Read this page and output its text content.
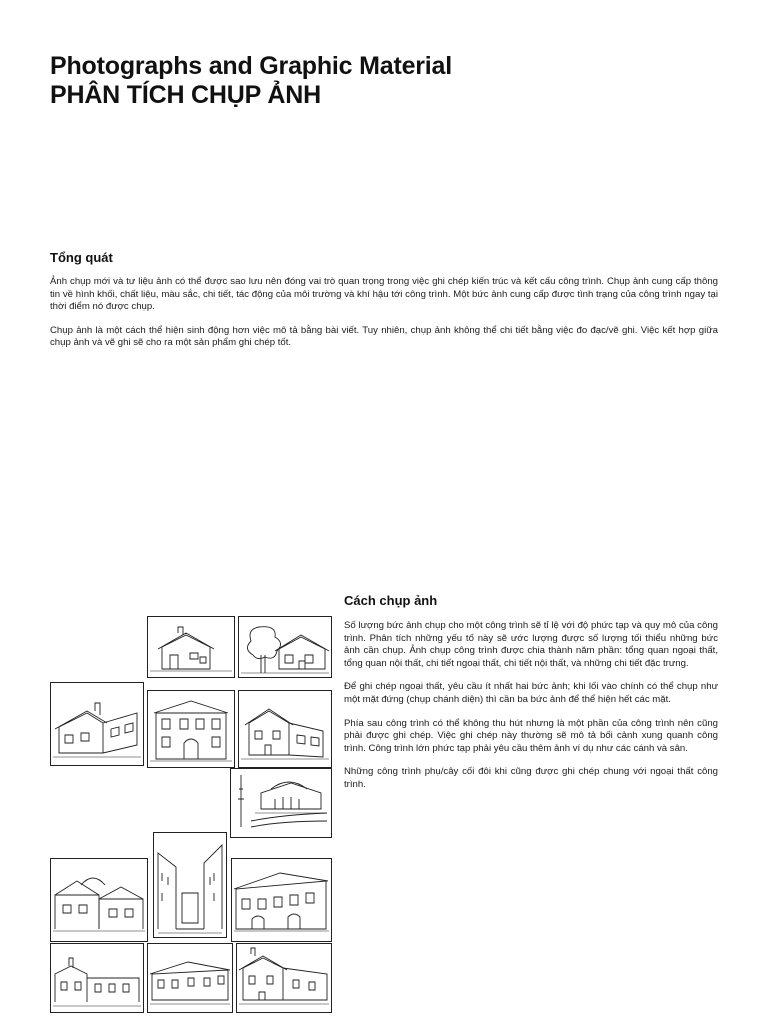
Photographs and Graphic Material
PHÂN TÍCH CHỤP ẢNH
Tổng quát

Ảnh chụp mới và tư liệu ảnh có thể được sao lưu nên đóng vai trò quan trọng trong việc ghi chép kiến trúc và kết cấu công trình. Chụp ảnh cung cấp thông tin về hình khối, chất liệu, màu sắc, chi tiết, tác động của môi trường và khí hậu tới công trình. Một bức ảnh cung cấp được tình trạng của công trình ngay tại thời điểm nó được chụp.

Chụp ảnh là một cách thể hiện sinh động hơn việc mô tả bằng bài viết. Tuy nhiên, chụp ảnh không thể chi tiết bằng việc đo đạc/vẽ ghi. Việc kết hợp giữa chụp ảnh và vẽ ghi sẽ cho ra một sản phẩm ghi chép tốt.

Cách chụp ảnh

Số lượng bức ảnh chụp cho một công trình sẽ tỉ lệ với độ phức tạp và quy mô của công trình. Phân tích những yếu tố này sẽ ước lượng được số lượng tối thiểu những bức ảnh cần chụp. Ảnh chụp công trình được chia thành năm phần: tổng quan ngoại thất, tổng quan nội thất, chi tiết ngoại thất, chi tiết nội thất, và những chi tiết đặc trưng.

Để ghi chép ngoại thất, yêu cầu ít nhất hai bức ảnh; khi lối vào chính có thể chụp như một mặt đứng (chụp chánh diện) thì cần ba bức ảnh để thể hiện hết các mặt.

Phía sau công trình có thể không thu hút nhưng là một phần của công trình nên cũng phải được ghi chép. Việc ghi chép này thường sẽ mô tả bối cảnh xung quanh công trình. Công trình lớn phức tạp phải yêu cầu thêm ảnh ví dụ như các cánh và sân.

Những công trình phụ/cây cối đôi khi cũng được ghi chép chung với ngoại thất công trình.
